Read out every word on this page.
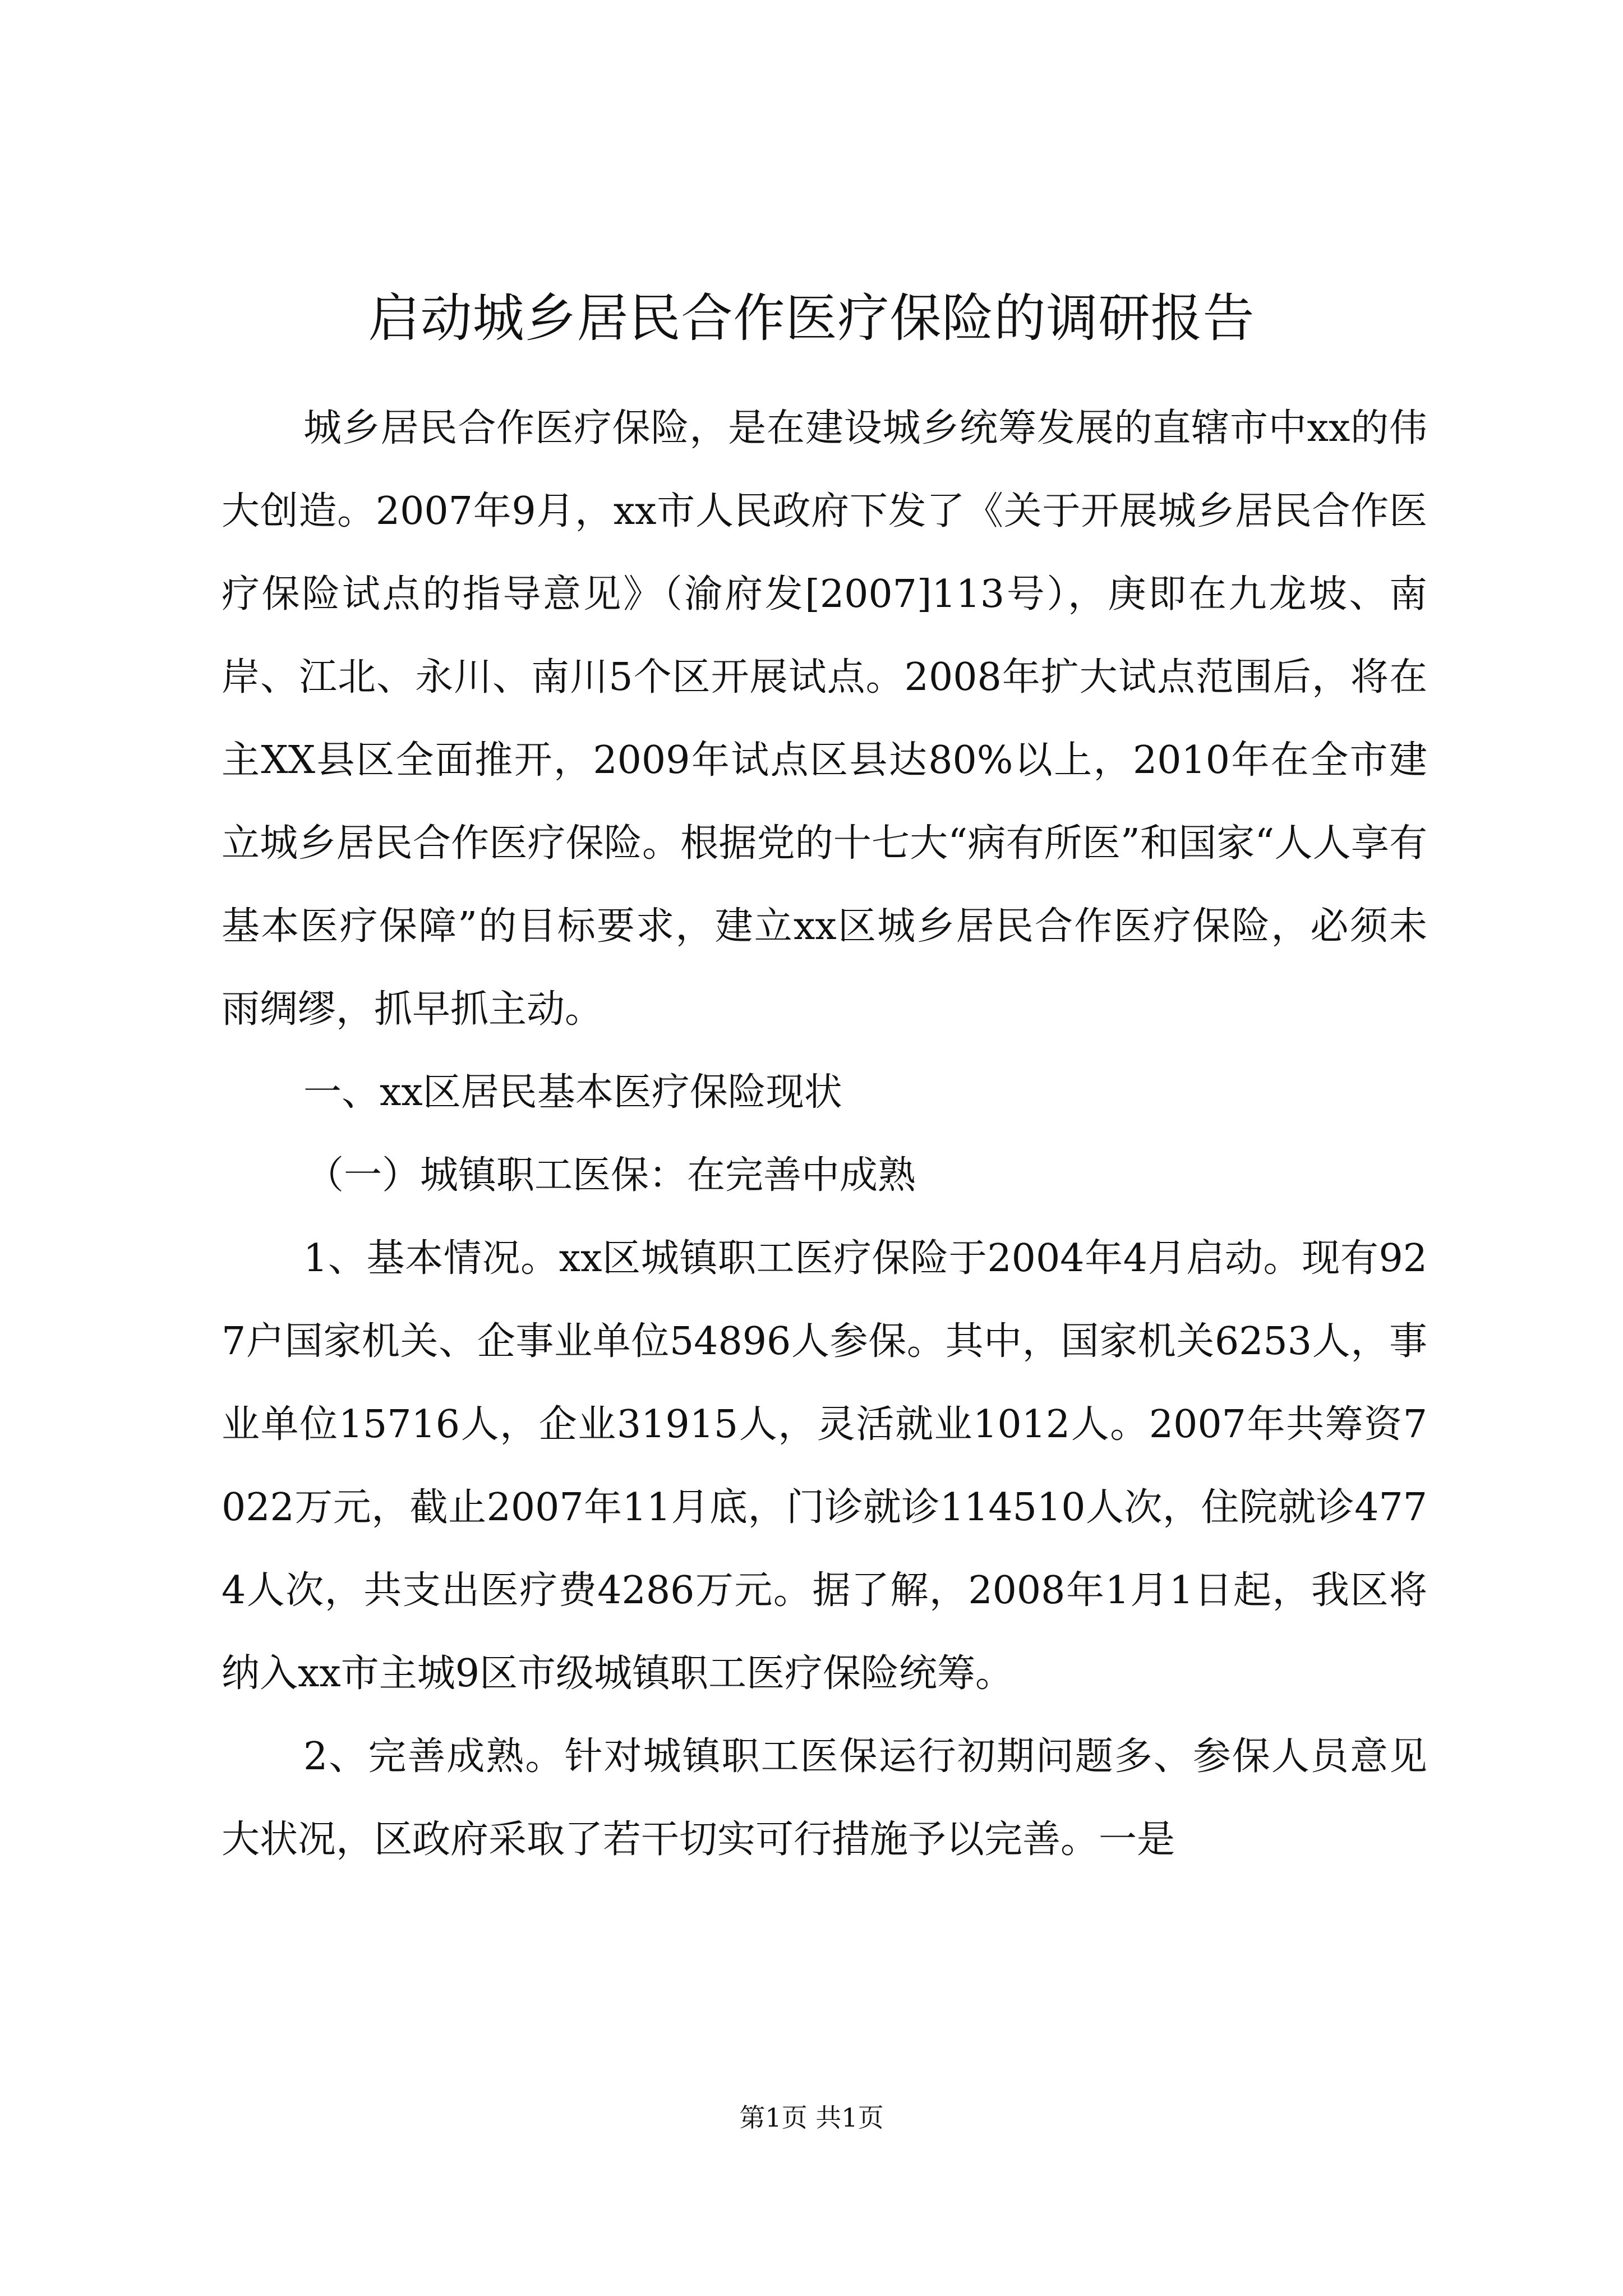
启动城乡居民合作医疗保险的调研报告

城乡居民合作医疗保险，是在建设城乡统筹发展的直辖市中xx的伟大创造。2007年9月，xx市人民政府下发了《关于开展城乡居民合作医疗保险试点的指导意见》（渝府发[2007]113号），庚即在九龙坡、南岸、江北、永川、南川5个区开展试点。2008年扩大试点范围后，将在主XX县区全面推开，2009年试点区县达80%以上，2010年在全市建立城乡居民合作医疗保险。根据党的十七大“病有所医”和国家“人人享有基本医疗保障”的目标要求，建立xx区城乡居民合作医疗保险，必须未雨绸缪，抓早抓主动。

一、xx区居民基本医疗保险现状

（一）城镇职工医保：在完善中成熟

1、基本情况。xx区城镇职工医疗保险于2004年4月启动。现有927户国家机关、企事业单位54896人参保。其中，国家机关6253人，事业单位15716人，企业31915人，灵活就业1012人。2007年共筹资7022万元，截止2007年11月底，门诊就诊114510人次，住院就诊4774人次，共支出医疗费4286万元。据了解，2008年1月1日起，我区将纳入xx市主城9区市级城镇职工医疗保险统筹。

2、完善成熟。针对城镇职工医保运行初期问题多、参保人员意见大状况，区政府采取了若干切实可行措施予以完善。一是

第1页 共1页
